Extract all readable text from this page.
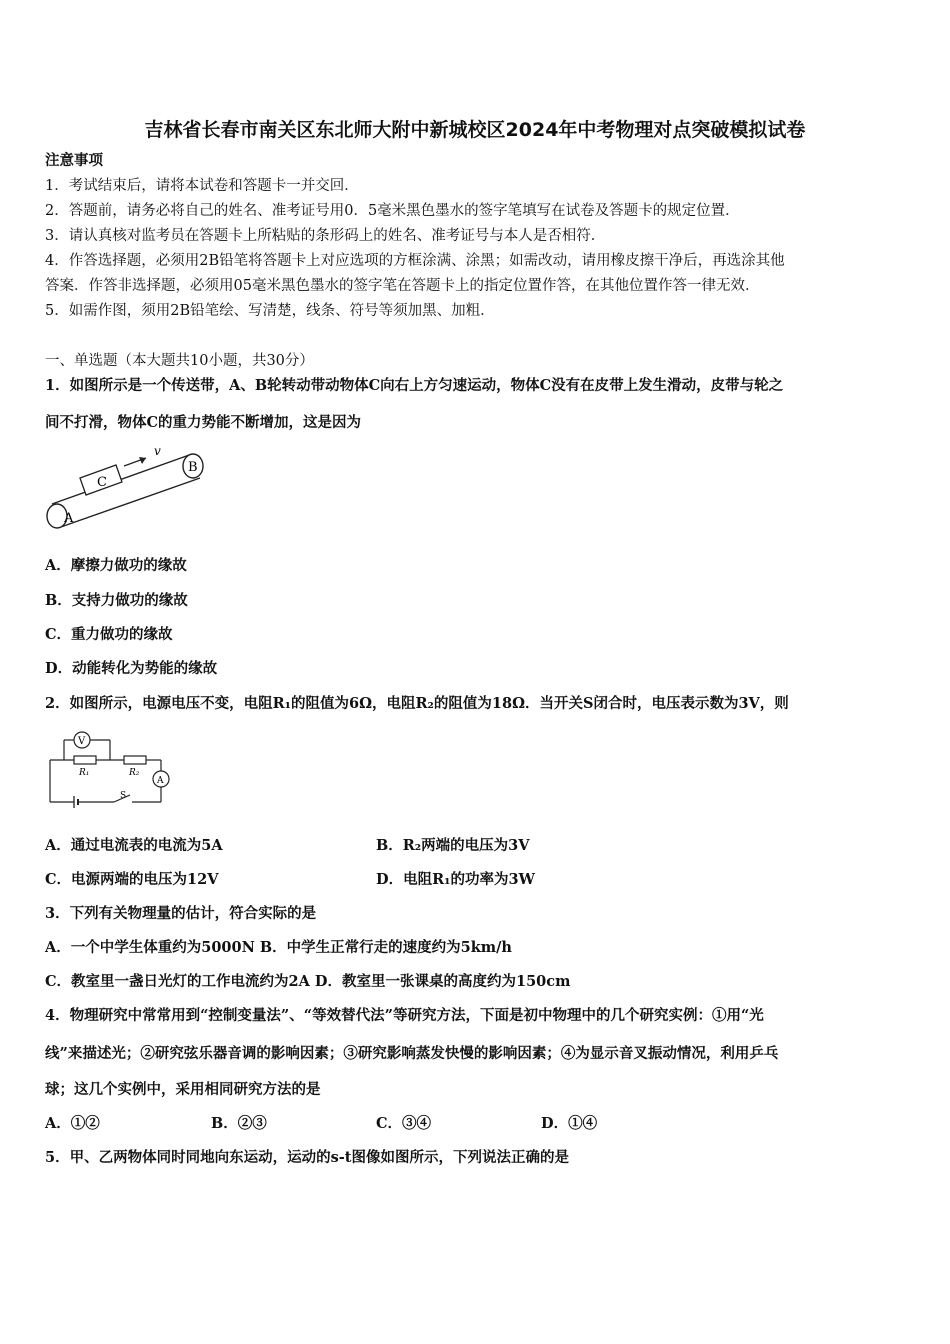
吉林省长春市南关区东北师大附中新城校区2024年中考物理对点突破模拟试卷
注意事项
1．考试结束后，请将本试卷和答题卡一并交回．
2．答题前，请务必将自己的姓名、准考证号用0．5毫米黑色墨水的签字笔填写在试卷及答题卡的规定位置．
3．请认真核对监考员在答题卡上所粘贴的条形码上的姓名、准考证号与本人是否相符．
4．作答选择题，必须用2B铅笔将答题卡上对应选项的方框涂满、涂黑；如需改动，请用橡皮擦干净后，再选涂其他
答案．作答非选择题，必须用05毫米黑色墨水的签字笔在答题卡上的指定位置作答，在其他位置作答一律无效．
5．如需作图，须用2B铅笔绘、写清楚，线条、符号等须加黑、加粗．
一、单选题（本大题共10小题，共30分）
1．如图所示是一个传送带，A、B轮转动带动物体C向右上方匀速运动，物体C没有在皮带上发生滑动，皮带与轮之
间不打滑，物体C的重力势能不断增加，这是因为
A
B
C
v
A．摩擦力做功的缘故
B．支持力做功的缘故
C．重力做功的缘故
D．动能转化为势能的缘故
2．如图所示，电源电压不变，电阻R₁的阻值为6Ω，电阻R₂的阻值为18Ω．当开关S闭合时，电压表示数为3V，则
V
A
R₁	R₂
S
A．通过电流表的电流为5A	B．R₂两端的电压为3V
C．电源两端的电压为12V	D．电阻R₁的功率为3W
3．下列有关物理量的估计，符合实际的是
A．一个中学生体重约为5000N B．中学生正常行走的速度约为5km/h
C．教室里一盏日光灯的工作电流约为2A D．教室里一张课桌的高度约为150cm
4．物理研究中常常用到“控制变量法”、“等效替代法”等研究方法，下面是初中物理中的几个研究实例：①用“光
线”来描述光；②研究弦乐器音调的影响因素；③研究影响蒸发快慢的影响因素；④为显示音叉振动情况，利用乒乓
球；这几个实例中，采用相同研究方法的是
A．①②	B．②③	C．③④	D．①④
5．甲、乙两物体同时同地向东运动，运动的s-t图像如图所示，下列说法正确的是
